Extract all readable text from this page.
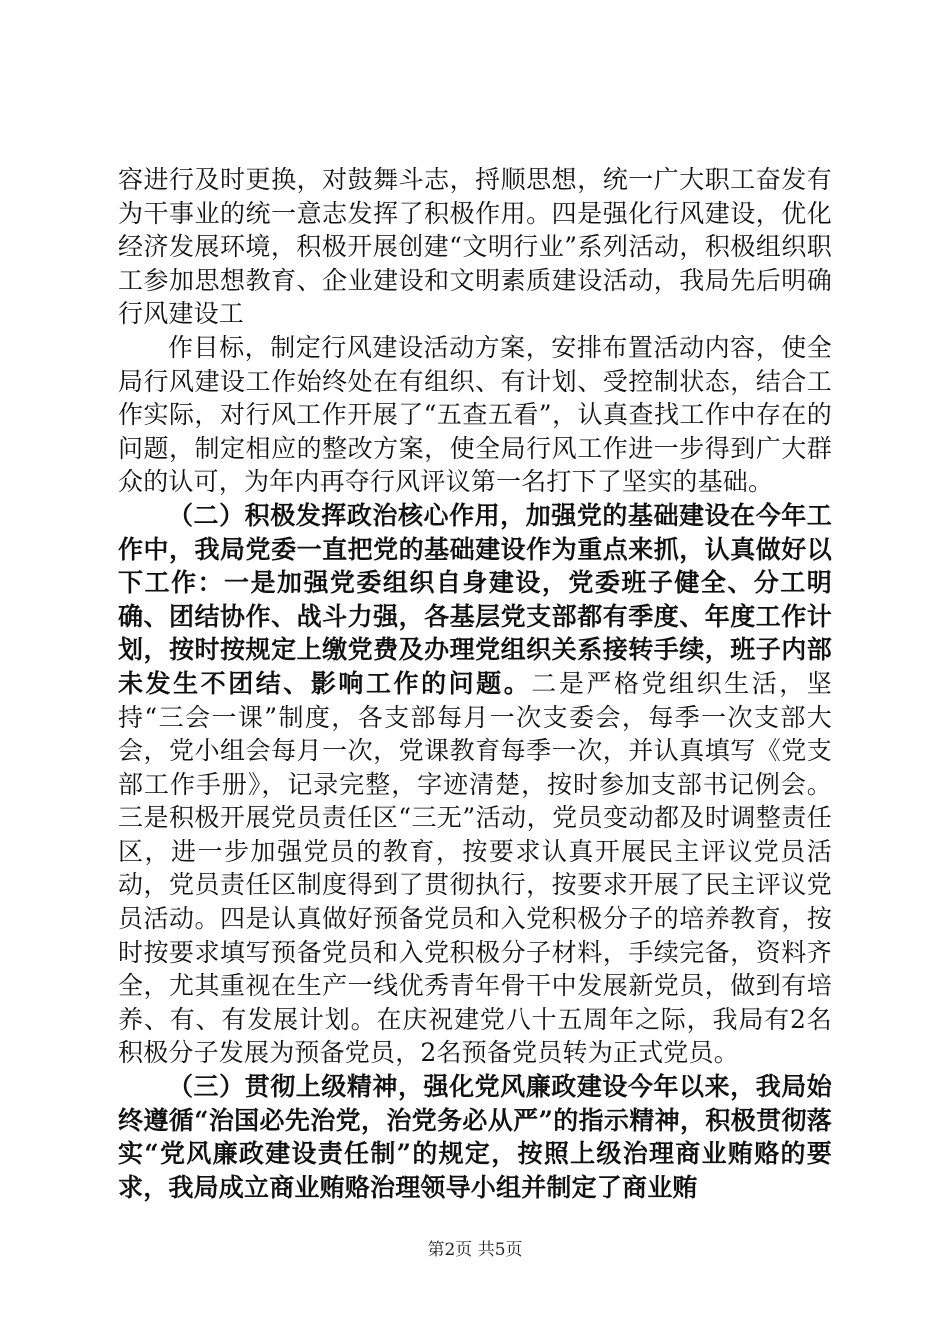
容进行及时更换，对鼓舞斗志，捋顺思想，统一广大职工奋发有为干事业的统一意志发挥了积极作用。四是强化行风建设，优化经济发展环境，积极开展创建“文明行业”系列活动，积极组织职工参加思想教育、企业建设和文明素质建设活动，我局先后明确行风建设工

作目标，制定行风建设活动方案，安排布置活动内容，使全局行风建设工作始终处在有组织、有计划、受控制状态，结合工作实际，对行风工作开展了“五查五看”，认真查找工作中存在的问题，制定相应的整改方案，使全局行风工作进一步得到广大群众的认可，为年内再夺行风评议第一名打下了坚实的基础。

（二）积极发挥政治核心作用，加强党的基础建设在今年工作中，我局党委一直把党的基础建设作为重点来抓，认真做好以下工作：一是加强党委组织自身建设，党委班子健全、分工明确、团结协作、战斗力强，各基层党支部都有季度、年度工作计划，按时按规定上缴党费及办理党组织关系接转手续，班子内部未发生不团结、影响工作的问题。二是严格党组织生活，坚持“三会一课”制度，各支部每月一次支委会，每季一次支部大会，党小组会每月一次，党课教育每季一次，并认真填写《党支部工作手册》，记录完整，字迹清楚，按时参加支部书记例会。三是积极开展党员责任区“三无”活动，党员变动都及时调整责任区，进一步加强党员的教育，按要求认真开展民主评议党员活动，党员责任区制度得到了贯彻执行，按要求开展了民主评议党员活动。四是认真做好预备党员和入党积极分子的培养教育，按时按要求填写预备党员和入党积极分子材料，手续完备，资料齐全，尤其重视在生产一线优秀青年骨干中发展新党员，做到有培养、有、有发展计划。在庆祝建党八十五周年之际，我局有2名积极分子发展为预备党员，2名预备党员转为正式党员。

（三）贯彻上级精神，强化党风廉政建设今年以来，我局始终遵循“治国必先治党，治党务必从严”的指示精神，积极贯彻落实“党风廉政建设责任制”的规定，按照上级治理商业贿赂的要求，我局成立商业贿赂治理领导小组并制定了商业贿

第2页 共5页
